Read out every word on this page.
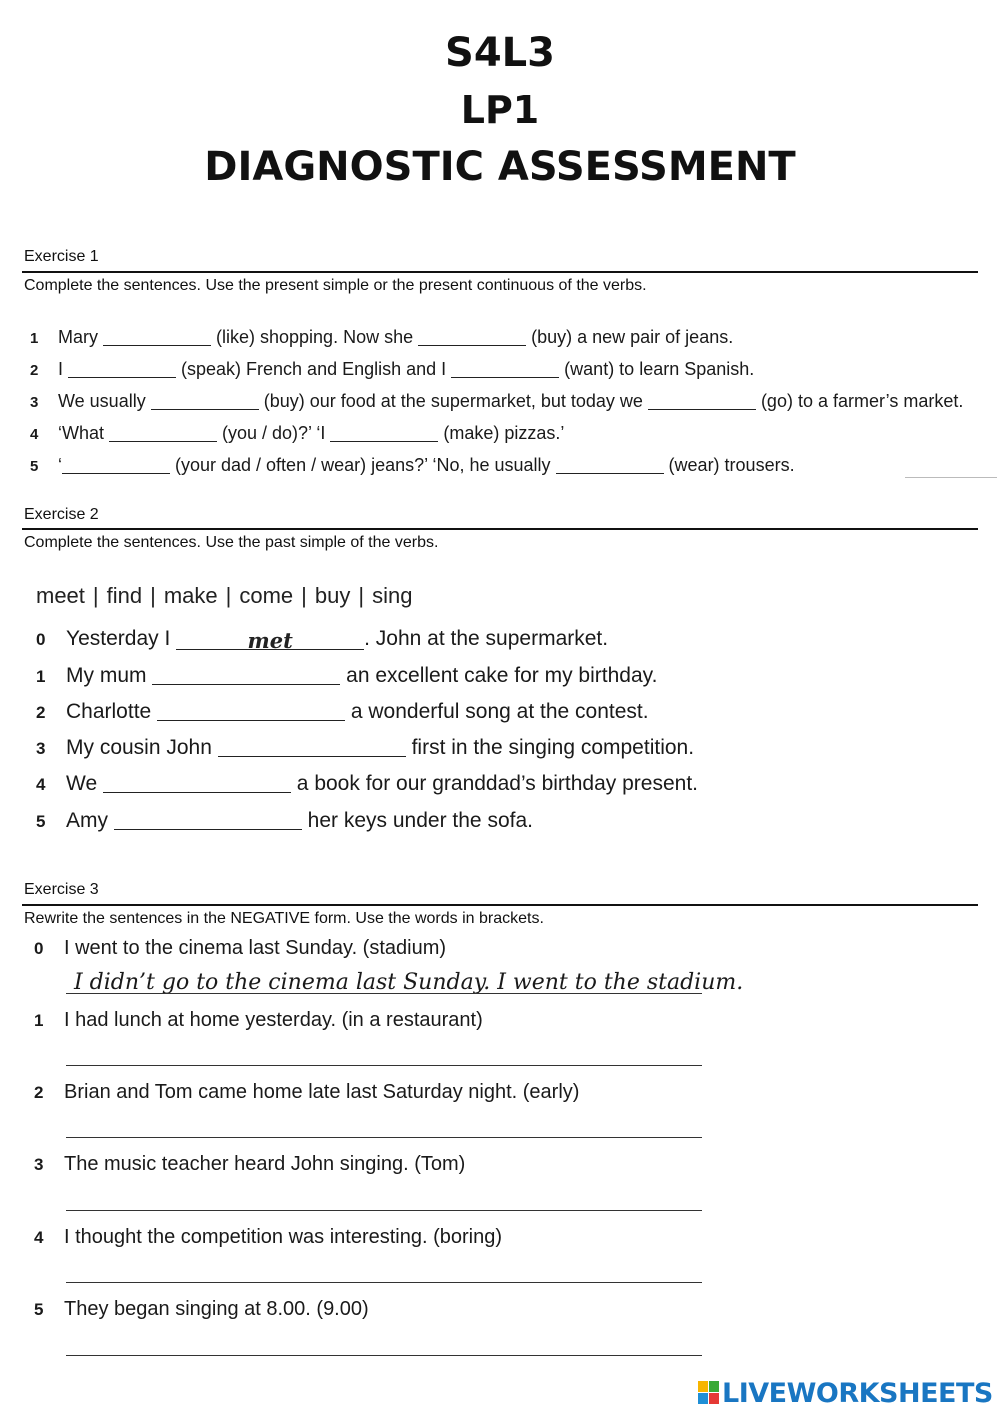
S4L3
LP1
DIAGNOSTIC ASSESSMENT
Exercise 1
Complete the sentences. Use the present simple or the present continuous of the verbs.
1 Mary	(like) shopping. Now she	(buy) a new pair of jeans.
2 I	(speak) French and English and I	(want) to learn Spanish.
3 We usually	(buy) our food at the supermarket, but today we	(go) to a farmer’s market.
4 ‘What	(you / do)?’ ‘I	(make) pizzas.’
5 ‘	(your dad / often / wear) jeans?’ ‘No, he usually	(wear) trousers.
Exercise 2
Complete the sentences. Use the past simple of the verbs.
meet | find | make | come | buy | sing
0 Yesterday I	met	. John at the supermarket.
1 My mum	an excellent cake for my birthday.
2 Charlotte	a wonderful song at the contest.
3 My cousin John	first in the singing competition.
4 We	a book for our granddad’s birthday present.
5 Amy	her keys under the sofa.
Exercise 3
Rewrite the sentences in the NEGATIVE form. Use the words in brackets.
0 I went to the cinema last Sunday. (stadium)
I didn’t go to the cinema last Sunday. I went to the stadium.
1 I had lunch at home yesterday. (in a restaurant)
2 Brian and Tom came home late last Saturday night. (early)
3 The music teacher heard John singing. (Tom)
4 I thought the competition was interesting. (boring)
5 They began singing at 8.00. (9.00)
LIVEWORKSHEETS
